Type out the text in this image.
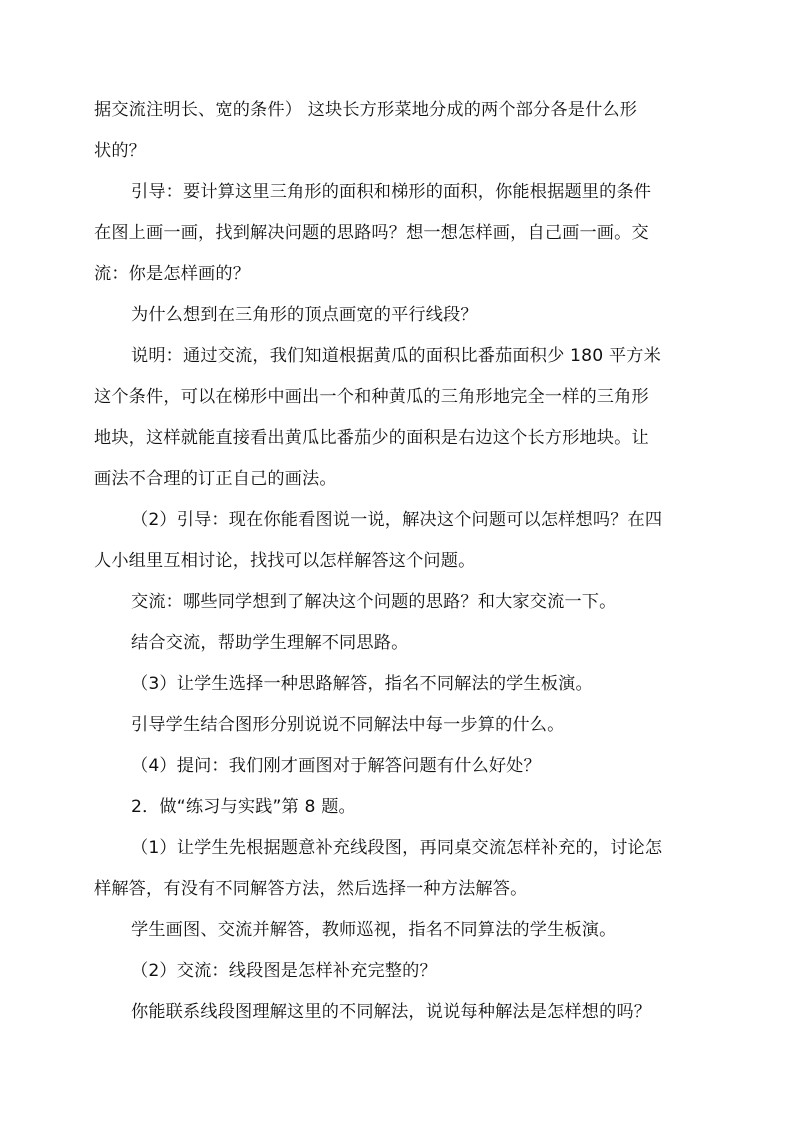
据交流注明长、宽的条件） 这块长方形菜地分成的两个部分各是什么形
状的？
引导：要计算这里三角形的面积和梯形的面积，你能根据题里的条件
在图上画一画，找到解决问题的思路吗？想一想怎样画，自己画一画。交
流：你是怎样画的？
为什么想到在三角形的顶点画宽的平行线段？
说明：通过交流，我们知道根据黄瓜的面积比番茄面积少 180 平方米
这个条件，可以在梯形中画出一个和种黄瓜的三角形地完全一样的三角形
地块，这样就能直接看出黄瓜比番茄少的面积是右边这个长方形地块。让
画法不合理的订正自己的画法。
（2）引导：现在你能看图说一说，解决这个问题可以怎样想吗？在四
人小组里互相讨论，找找可以怎样解答这个问题。
交流：哪些同学想到了解决这个问题的思路？和大家交流一下。
结合交流，帮助学生理解不同思路。
（3）让学生选择一种思路解答，指名不同解法的学生板演。
引导学生结合图形分别说说不同解法中每一步算的什么。
（4）提问：我们刚才画图对于解答问题有什么好处？
2．做“练习与实践”第 8 题。
（1）让学生先根据题意补充线段图，再同桌交流怎样补充的，讨论怎
样解答，有没有不同解答方法，然后选择一种方法解答。
学生画图、交流并解答，教师巡视，指名不同算法的学生板演。
（2）交流：线段图是怎样补充完整的？
你能联系线段图理解这里的不同解法，说说每种解法是怎样想的吗？
